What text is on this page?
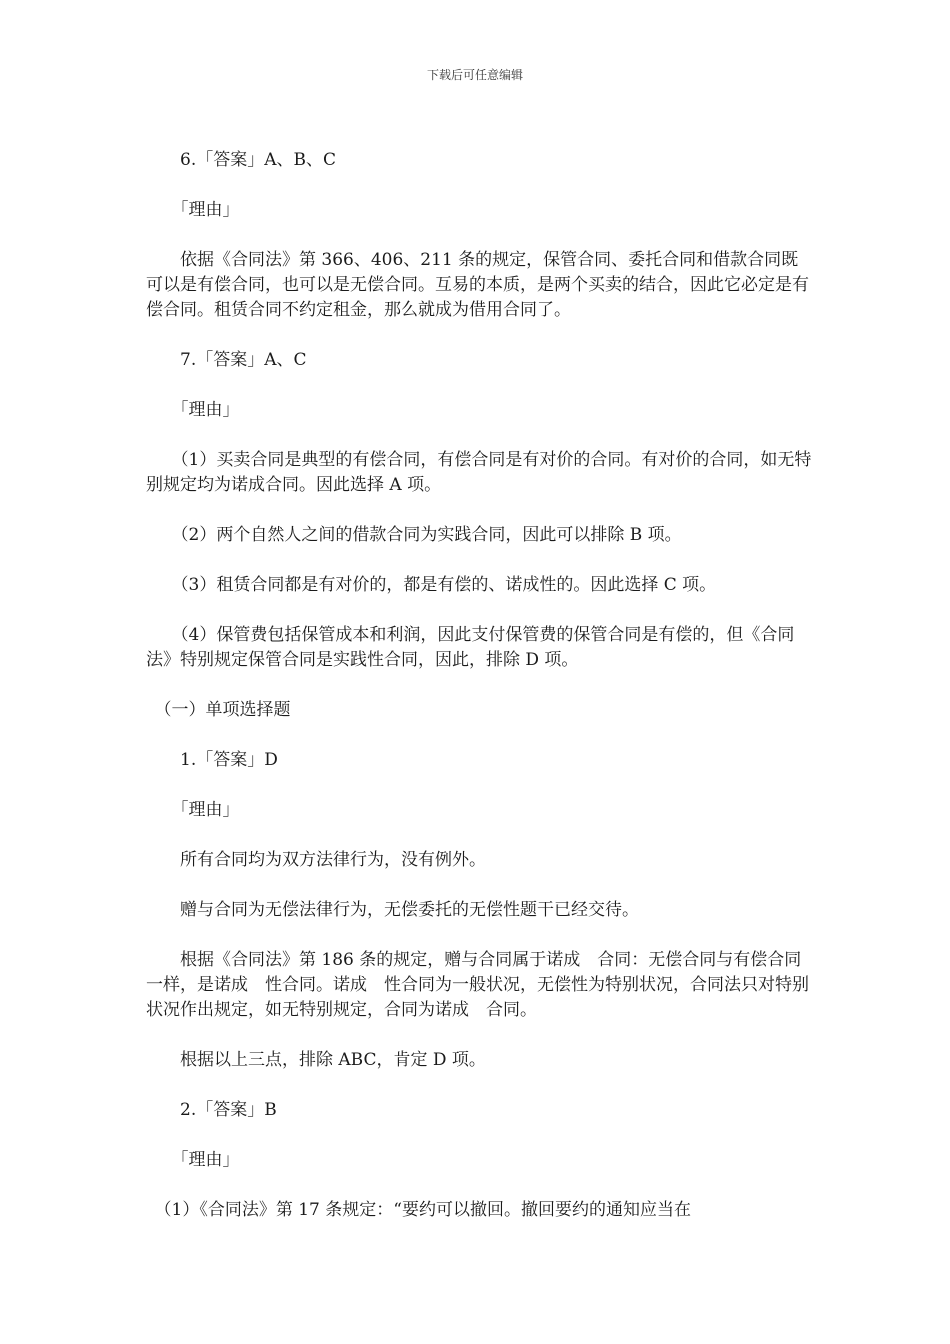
下载后可任意编辑

　　6.「答案」A、B、C

　　「理由」

　　依据《合同法》第 366、406、211 条的规定，保管合同、委托合同和借款合同既可以是有偿合同，也可以是无偿合同。互易的本质，是两个买卖的结合，因此它必定是有偿合同。租赁合同不约定租金，那么就成为借用合同了。

　　7.「答案」A、C

　　「理由」

　　（1）买卖合同是典型的有偿合同，有偿合同是有对价的合同。有对价的合同，如无特别规定均为诺成合同。因此选择 A 项。

　　（2）两个自然人之间的借款合同为实践合同，因此可以排除 B 项。

　　（3）租赁合同都是有对价的，都是有偿的、诺成性的。因此选择 C 项。

　　（4）保管费包括保管成本和利润，因此支付保管费的保管合同是有偿的，但《合同法》特别规定保管合同是实践性合同，因此，排除 D 项。

　（一）单项选择题

　　1.「答案」D

　　「理由」

　　所有合同均为双方法律行为，没有例外。

　　赠与合同为无偿法律行为，无偿委托的无偿性题干已经交待。

　　根据《合同法》第 186 条的规定，赠与合同属于诺成　合同：无偿合同与有偿合同一样，是诺成　性合同。诺成　性合同为一般状况，无偿性为特别状况，合同法只对特别状况作出规定，如无特别规定，合同为诺成　合同。

　　根据以上三点，排除 ABC，肯定 D 项。

　　2.「答案」B

　　「理由」

　（1）《合同法》第 17 条规定：“要约可以撤回。撤回要约的通知应当在
